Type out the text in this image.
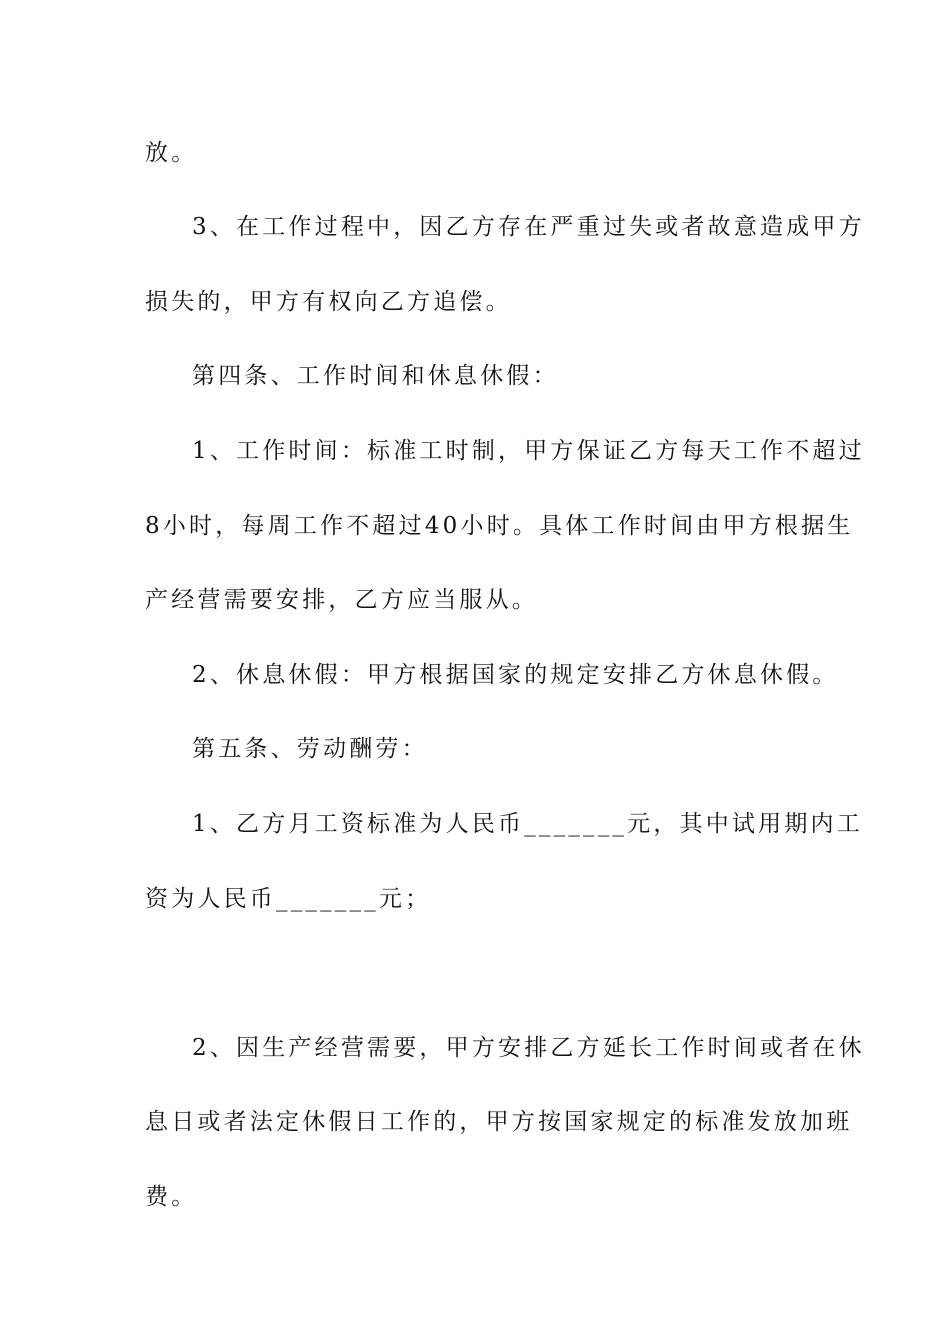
放。
3、在工作过程中，因乙方存在严重过失或者故意造成甲方
损失的，甲方有权向乙方追偿。
第四条、工作时间和休息休假：
1、工作时间：标准工时制，甲方保证乙方每天工作不超过
8小时，每周工作不超过40小时。具体工作时间由甲方根据生
产经营需要安排，乙方应当服从。
2、休息休假：甲方根据国家的规定安排乙方休息休假。
第五条、劳动酬劳：
1、乙方月工资标准为人民币_______元，其中试用期内工
资为人民币_______元；
2、因生产经营需要，甲方安排乙方延长工作时间或者在休
息日或者法定休假日工作的，甲方按国家规定的标准发放加班
费。
